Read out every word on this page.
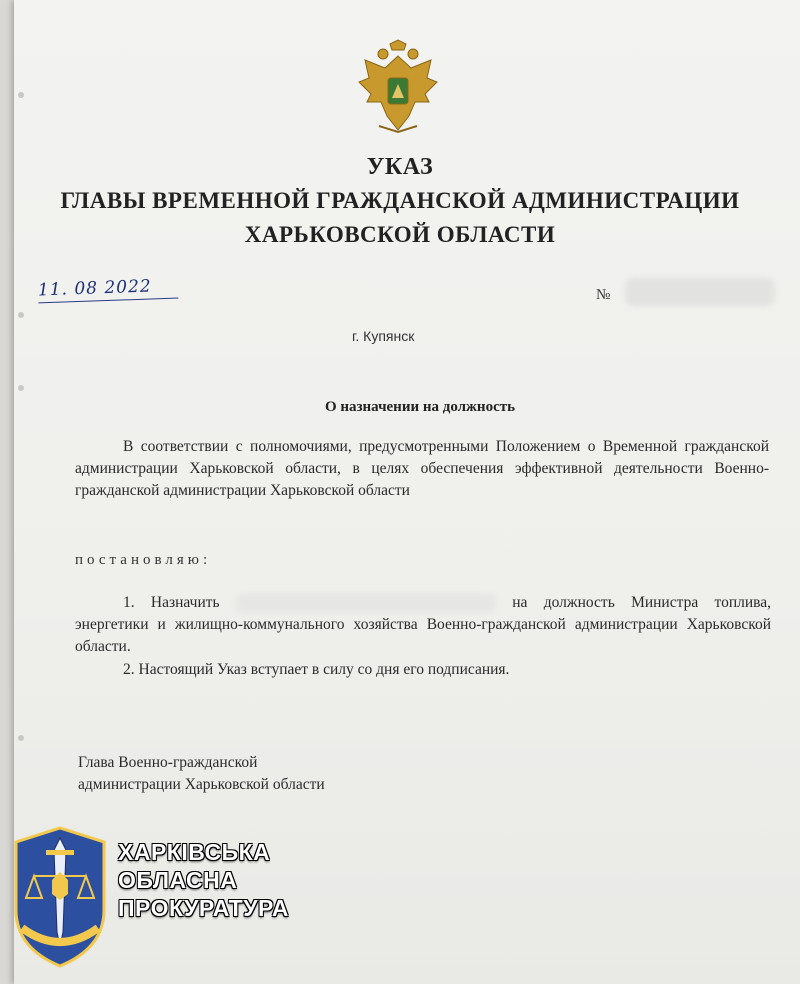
УКАЗ
ГЛАВЫ ВРЕМЕННОЙ ГРАЖДАНСКОЙ АДМИНИСТРАЦИИ
ХАРЬКОВСКОЙ ОБЛАСТИ
11. 08 2022	№
г. Купянск
О назначении на должность
В соответствии с полномочиями, предусмотренными Положением о Временной гражданской администрации Харьковской области, в целях обеспечения эффективной деятельности Военно-гражданской администрации Харьковской области
постановляю:
1. Назначить	на должность Министра топлива, энергетики и жилищно-коммунального хозяйства Военно-гражданской администрации Харьковской области.
2. Настоящий Указ вступает в силу со дня его подписания.
Глава Военно-гражданской
администрации Харьковской области
ХАРКІВСЬКА
ОБЛАСНА
ПРОКУРАТУРА
